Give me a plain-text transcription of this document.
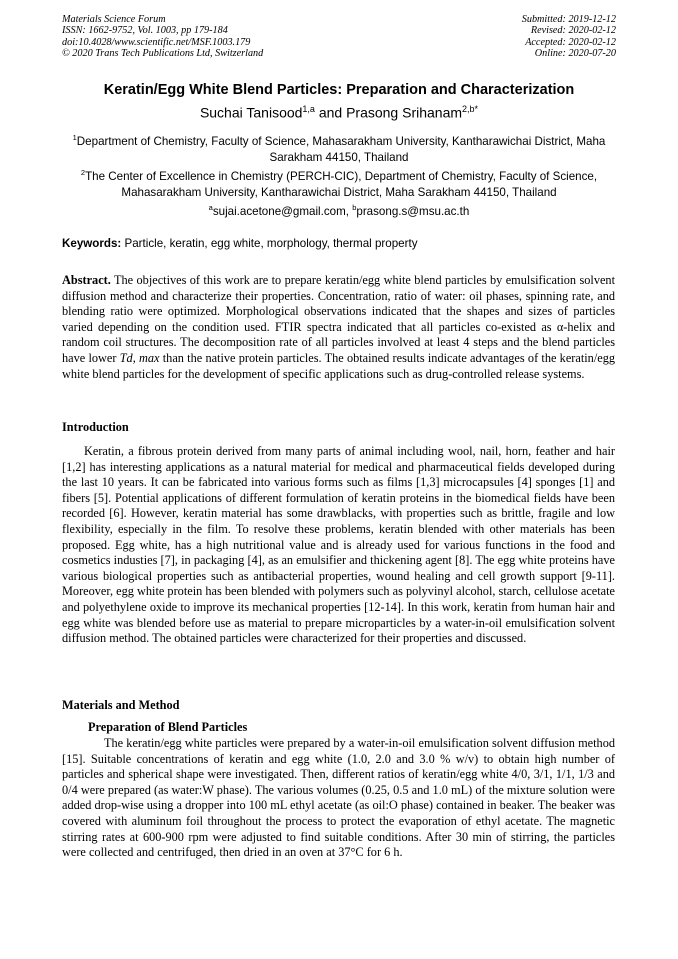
Materials Science Forum
ISSN: 1662-9752, Vol. 1003, pp 179-184
doi:10.4028/www.scientific.net/MSF.1003.179
© 2020 Trans Tech Publications Ltd, Switzerland
Submitted: 2019-12-12
Revised: 2020-02-12
Accepted: 2020-02-12
Online: 2020-07-20
Keratin/Egg White Blend Particles: Preparation and Characterization
Suchai Tanisood$^{1,a}$ and Prasong Srihanam$^{2,b*}$
$^1$Department of Chemistry, Faculty of Science, Mahasarakham University, Kantharawichai District, Maha Sarakham 44150, Thailand
$^2$The Center of Excellence in Chemistry (PERCH-CIC), Department of Chemistry, Faculty of Science, Mahasarakham University, Kantharawichai District, Maha Sarakham 44150, Thailand
$^a$sujai.acetone@gmail.com, $^b$prasong.s@msu.ac.th
Keywords: Particle, keratin, egg white, morphology, thermal property
Abstract. The objectives of this work are to prepare keratin/egg white blend particles by emulsification solvent diffusion method and characterize their properties. Concentration, ratio of water: oil phases, spinning rate, and blending ratio were optimized. Morphological observations indicated that the shapes and sizes of particles varied depending on the condition used. FTIR spectra indicated that all particles co-existed as α-helix and random coil structures. The decomposition rate of all particles involved at least 4 steps and the blend particles have lower Td, max than the native protein particles. The obtained results indicate advantages of the keratin/egg white blend particles for the development of specific applications such as drug-controlled release systems.
Introduction
Keratin, a fibrous protein derived from many parts of animal including wool, nail, horn, feather and hair [1,2] has interesting applications as a natural material for medical and pharmaceutical fields developed during the last 10 years. It can be fabricated into various forms such as films [1,3] microcapsules [4] sponges [1] and fibers [5]. Potential applications of different formulation of keratin proteins in the biomedical fields have been recorded [6]. However, keratin material has some drawblacks, with properties such as brittle, fragile and low flexibility, especially in the film. To resolve these problems, keratin blended with other materials has been proposed. Egg white, has a high nutritional value and is already used for various functions in the food and cosmetics industies [7], in packaging [4], as an emulsifier and thickening agent [8]. The egg white proteins have various biological properties such as antibacterial properties, wound healing and cell growth support [9-11]. Moreover, egg white protein has been blended with polymers such as polyvinyl alcohol, starch, cellulose acetate and polyethylene oxide to improve its mechanical properties [12-14]. In this work, keratin from human hair and egg white was blended before use as material to prepare microparticles by a water-in-oil emulsification solvent diffusion method. The obtained particles were characterized for their properties and discussed.
Materials and Method
Preparation of Blend Particles
The keratin/egg white particles were prepared by a water-in-oil emulsification solvent diffusion method [15]. Suitable concentrations of keratin and egg white (1.0, 2.0 and 3.0 % w/v) to obtain high number of particles and spherical shape were investigated. Then, different ratios of keratin/egg white 4/0, 3/1, 1/1, 1/3 and 0/4 were prepared (as water:W phase). The various volumes (0.25, 0.5 and 1.0 mL) of the mixture solution were added drop-wise using a dropper into 100 mL ethyl acetate (as oil:O phase) contained in beaker. The beaker was covered with aluminum foil throughout the process to protect the evaporation of ethyl acetate. The magnetic stirring rates at 600-900 rpm were adjusted to find suitable conditions. After 30 min of stirring, the particles were collected and centrifuged, then dried in an oven at 37°C for 6 h.
